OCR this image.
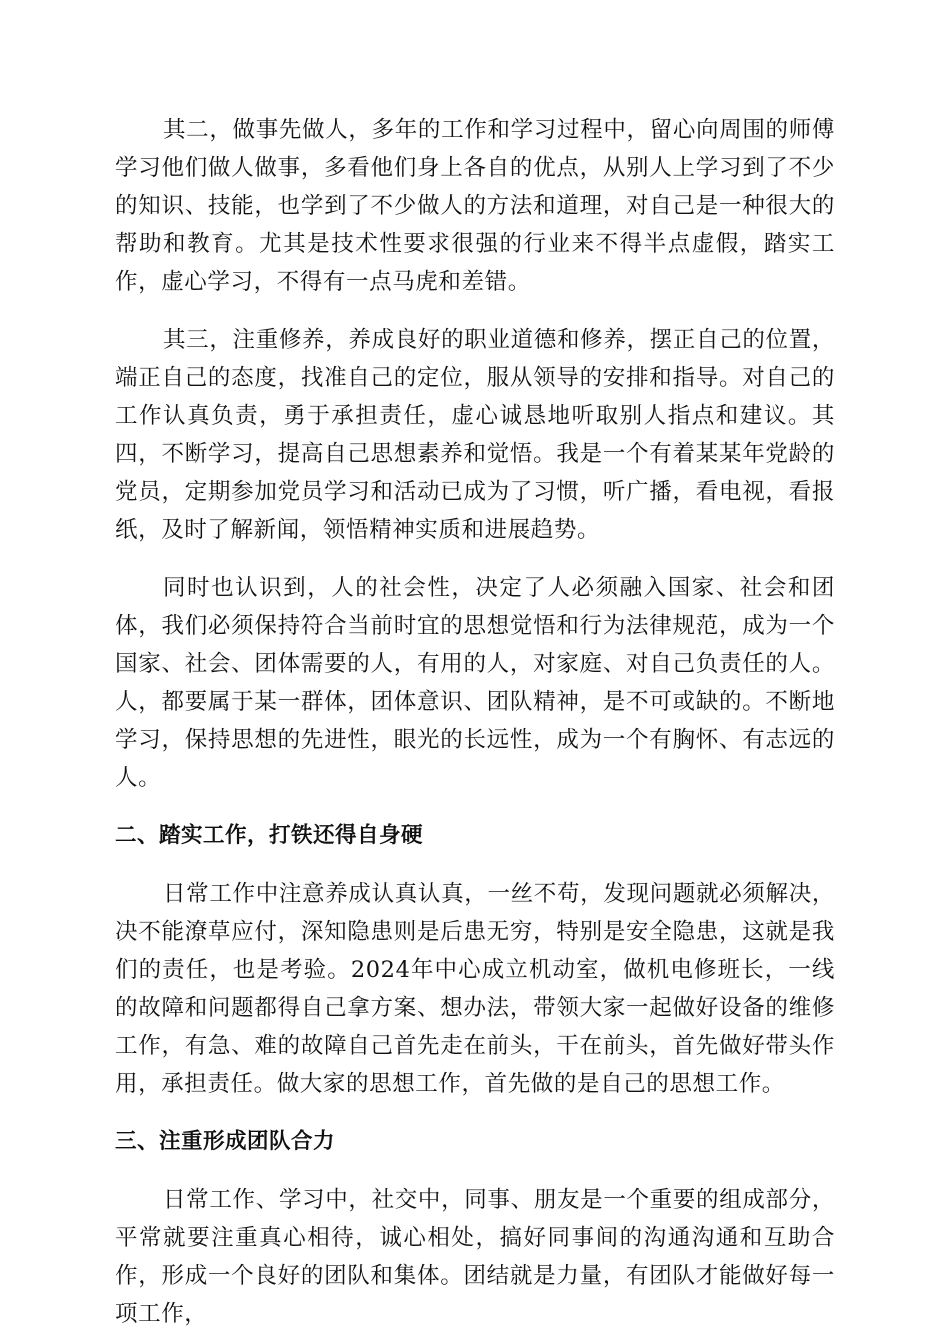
其二，做事先做人，多年的工作和学习过程中，留心向周围的师傅学习他们做人做事，多看他们身上各自的优点，从别人上学习到了不少的知识、技能，也学到了不少做人的方法和道理，对自己是一种很大的帮助和教育。尤其是技术性要求很强的行业来不得半点虚假，踏实工作，虚心学习，不得有一点马虎和差错。

其三，注重修养，养成良好的职业道德和修养，摆正自己的位置，端正自己的态度，找准自己的定位，服从领导的安排和指导。对自己的工作认真负责，勇于承担责任，虚心诚恳地听取别人指点和建议。其四，不断学习，提高自己思想素养和觉悟。我是一个有着某某年党龄的党员，定期参加党员学习和活动已成为了习惯，听广播，看电视，看报纸，及时了解新闻，领悟精神实质和进展趋势。

同时也认识到，人的社会性，决定了人必须融入国家、社会和团体，我们必须保持符合当前时宜的思想觉悟和行为法律规范，成为一个国家、社会、团体需要的人，有用的人，对家庭、对自己负责任的人。人，都要属于某一群体，团体意识、团队精神，是不可或缺的。不断地学习，保持思想的先进性，眼光的长远性，成为一个有胸怀、有志远的人。

二、踏实工作，打铁还得自身硬

日常工作中注意养成认真认真，一丝不苟，发现问题就必须解决，决不能潦草应付，深知隐患则是后患无穷，特别是安全隐患，这就是我们的责任，也是考验。2024年中心成立机动室，做机电修班长，一线的故障和问题都得自己拿方案、想办法，带领大家一起做好设备的维修工作，有急、难的故障自己首先走在前头，干在前头，首先做好带头作用，承担责任。做大家的思想工作，首先做的是自己的思想工作。

三、注重形成团队合力

日常工作、学习中，社交中，同事、朋友是一个重要的组成部分，平常就要注重真心相待，诚心相处，搞好同事间的沟通沟通和互助合作，形成一个良好的团队和集体。团结就是力量，有团队才能做好每一项工作，
